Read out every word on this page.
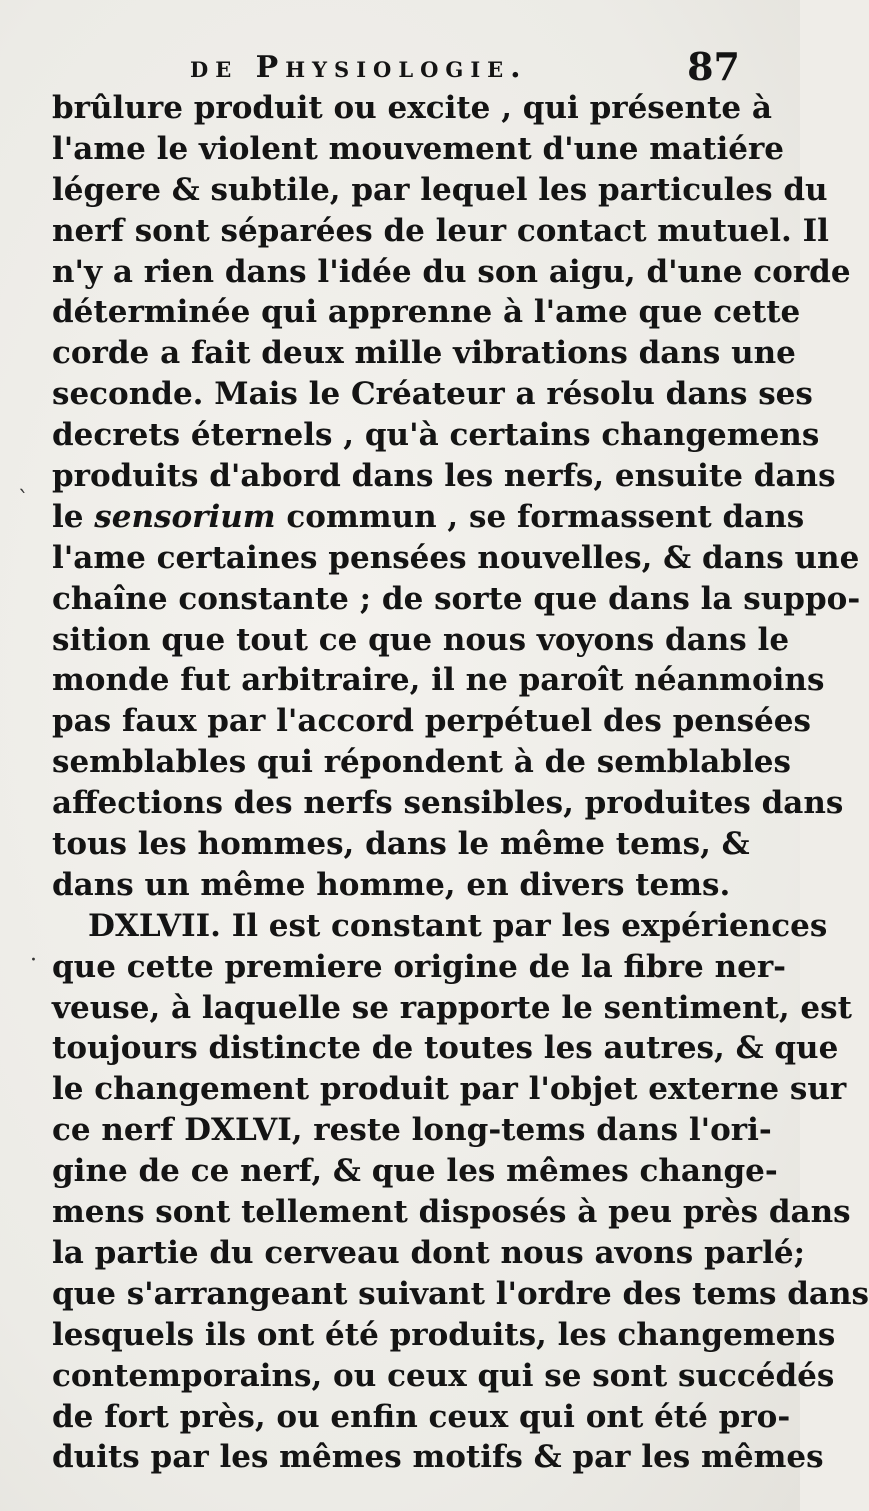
de Physiologie.	87
ˋ
·
brûlure produit ou excite , qui présente à
l'ame le violent mouvement d'une matiére
légere & subtile, par lequel les particules du
nerf sont séparées de leur contact mutuel. Il
n'y a rien dans l'idée du son aigu, d'une corde
déterminée qui apprenne à l'ame que cette
corde a fait deux mille vibrations dans une
seconde. Mais le Créateur a résolu dans ses
decrets éternels , qu'à certains changemens
produits d'abord dans les nerfs, ensuite dans
le sensorium commun , se formassent dans
l'ame certaines pensées nouvelles, & dans une
chaîne constante ; de sorte que dans la suppo-
sition que tout ce que nous voyons dans le
monde fut arbitraire, il ne paroît néanmoins
pas faux par l'accord perpétuel des pensées
semblables qui répondent à de semblables
affections des nerfs sensibles, produites dans
tous les hommes, dans le même tems, &
dans un même homme, en divers tems.
DXLVII. Il est constant par les expériences
que cette premiere origine de la fibre ner-
veuse, à laquelle se rapporte le sentiment, est
toujours distincte de toutes les autres, & que
le changement produit par l'objet externe sur
ce nerf DXLVI, reste long-tems dans l'ori-
gine de ce nerf, & que les mêmes change-
mens sont tellement disposés à peu près dans
la partie du cerveau dont nous avons parlé;
que s'arrangeant suivant l'ordre des tems dans
lesquels ils ont été produits, les changemens
contemporains, ou ceux qui se sont succédés
de fort près, ou enfin ceux qui ont été pro-
duits par les mêmes motifs & par les mêmes
